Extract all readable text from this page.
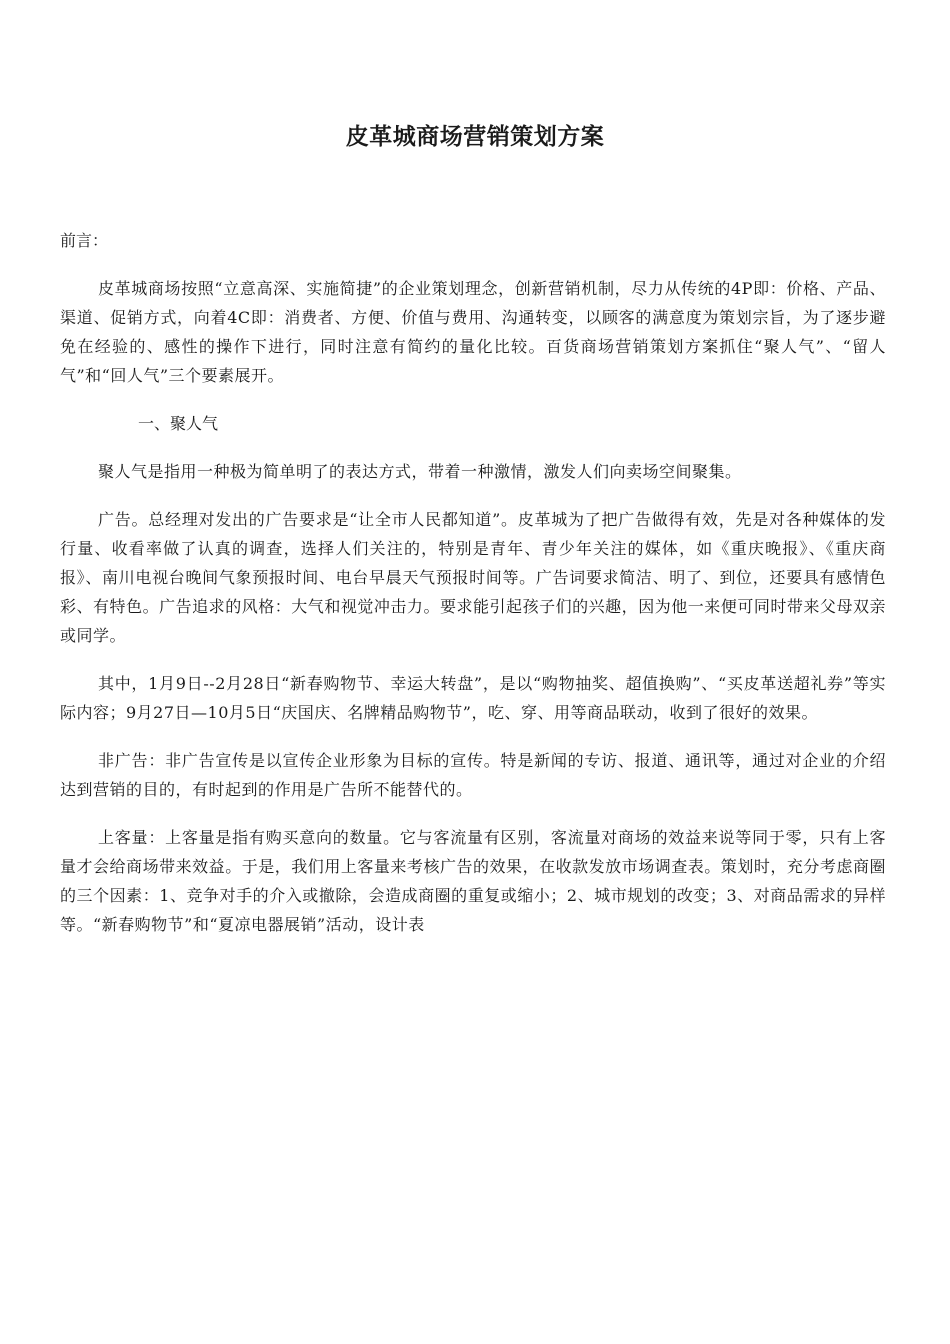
皮革城商场营销策划方案

前言：

皮革城商场按照“立意高深、实施简捷”的企业策划理念，创新营销机制，尽力从传统的4P即：价格、产品、渠道、促销方式，向着4C即：消费者、方便、价值与费用、沟通转变，以顾客的满意度为策划宗旨，为了逐步避免在经验的、感性的操作下进行，同时注意有简约的量化比较。百货商场营销策划方案抓住“聚人气”、“留人气”和“回人气”三个要素展开。

一、聚人气

聚人气是指用一种极为简单明了的表达方式，带着一种激情，激发人们向卖场空间聚集。

广告。总经理对发出的广告要求是“让全市人民都知道”。皮革城为了把广告做得有效，先是对各种媒体的发行量、收看率做了认真的调查，选择人们关注的，特别是青年、青少年关注的媒体，如《重庆晚报》、《重庆商报》、南川电视台晚间气象预报时间、电台早晨天气预报时间等。广告词要求简洁、明了、到位，还要具有感情色彩、有特色。广告追求的风格：大气和视觉冲击力。要求能引起孩子们的兴趣，因为他一来便可同时带来父母双亲或同学。

其中，1月9日--2月28日“新春购物节、幸运大转盘”，是以“购物抽奖、超值换购”、“买皮革送超礼券”等实际内容；9月27日—10月5日“庆国庆、名牌精品购物节”，吃、穿、用等商品联动，收到了很好的效果。

非广告：非广告宣传是以宣传企业形象为目标的宣传。特是新闻的专访、报道、通讯等，通过对企业的介绍达到营销的目的，有时起到的作用是广告所不能替代的。

上客量：上客量是指有购买意向的数量。它与客流量有区别，客流量对商场的效益来说等同于零，只有上客量才会给商场带来效益。于是，我们用上客量来考核广告的效果，在收款发放市场调查表。策划时，充分考虑商圈的三个因素：1、竞争对手的介入或撤除，会造成商圈的重复或缩小；2、城市规划的改变；3、对商品需求的异样等。“新春购物节”和“夏凉电器展销”活动，设计表
